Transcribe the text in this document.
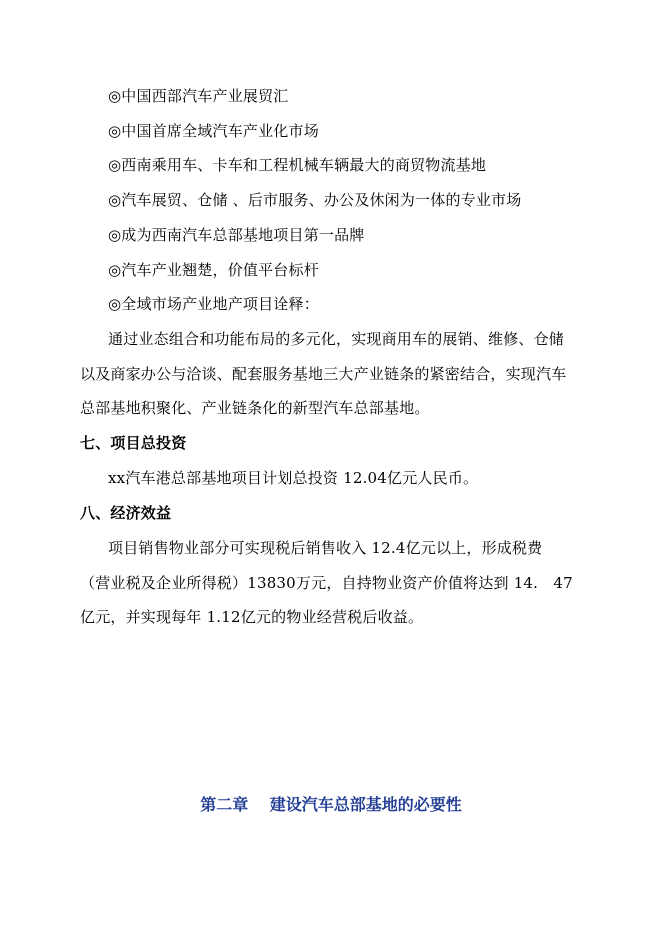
◎中国西部汽车产业展贸汇
◎中国首席全域汽车产业化市场
◎西南乘用车、卡车和工程机械车辆最大的商贸物流基地
◎汽车展贸、仓储 、后市服务、办公及休闲为一体的专业市场
◎成为西南汽车总部基地项目第一品牌
◎汽车产业翘楚，价值平台标杆
◎全域市场产业地产项目诠释：
通过业态组合和功能布局的多元化，实现商用车的展销、维修、仓储
以及商家办公与洽谈、配套服务基地三大产业链条的紧密结合，实现汽车
总部基地积聚化、产业链条化的新型汽车总部基地。
七、项目总投资
xx汽车港总部基地项目计划总投资 12.04亿元人民币。
八、经济效益
项目销售物业部分可实现税后销售收入 12.4亿元以上，形成税费
（营业税及企业所得税）13830万元，自持物业资产价值将达到 14.　47
亿元，并实现每年 1.12亿元的物业经营税后收益。
第二章　 建设汽车总部基地的必要性
